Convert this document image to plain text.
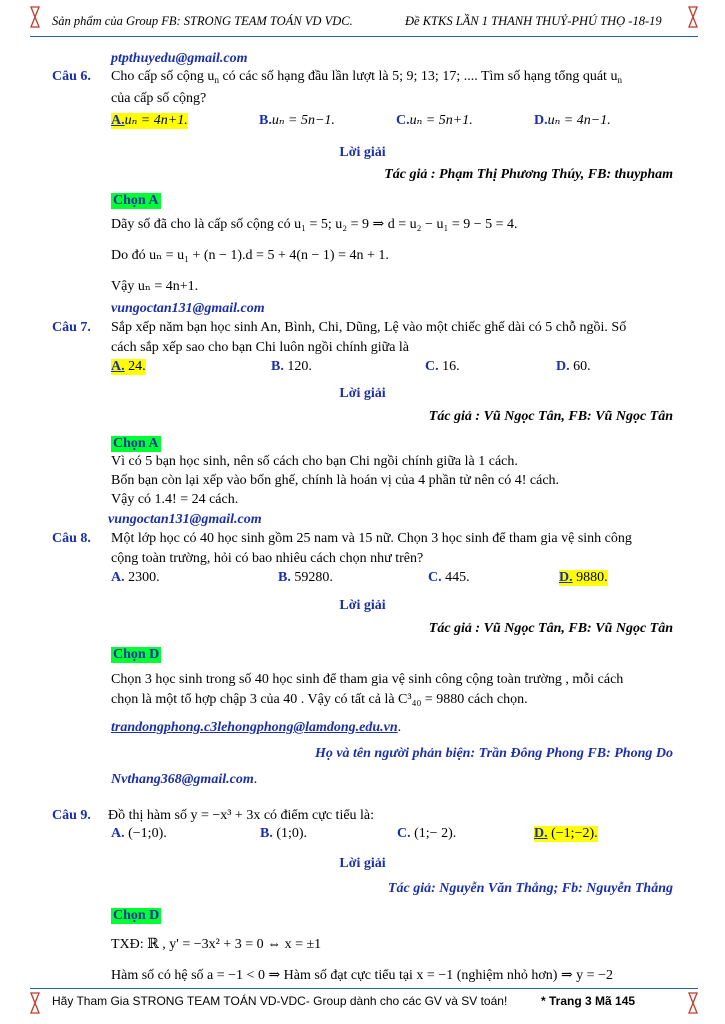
Sản phẩm của Group FB: STRONG TEAM TOÁN VD VDC.	Đề KTKS LẦN 1 THANH THUỶ-PHÚ THỌ -18-19
ptpthuyedu@gmail.com
Câu 6. Cho cấp số cộng $u_n$ có các số hạng đầu lần lượt là 5; 9; 13; 17; .... Tìm số hạng tổng quát $u_n$
của cấp số cộng?
A.uₙ = 4n+1.	B.uₙ = 5n−1.	C.uₙ = 5n+1.	D.uₙ = 4n−1.
Lời giải
Tác giả : Phạm Thị Phương Thúy, FB: thuypham
Chọn A
Dãy số đã cho là cấp số cộng có u₁ = 5; u₂ = 9 ⇒ d = u₂ − u₁ = 9 − 5 = 4.
Do đó uₙ = u₁ + (n − 1).d = 5 + 4(n − 1) = 4n + 1.
Vậy uₙ = 4n+1.
vungoctan131@gmail.com
Câu 7. Sắp xếp năm bạn học sinh An, Bình, Chi, Dũng, Lệ vào một chiếc ghế dài có 5 chỗ ngồi. Số
cách sắp xếp sao cho bạn Chi luôn ngồi chính giữa là
A. 24.	B. 120.	C. 16.	D. 60.
Lời giải
Tác giả : Vũ Ngọc Tân, FB: Vũ Ngọc Tân
Chọn A
Vì có 5 bạn học sinh, nên số cách cho bạn Chi ngồi chính giữa là 1 cách.
Bốn bạn còn lại xếp vào bốn ghế, chính là hoán vị của 4 phần tử nên có 4! cách.
Vậy có 1.4! = 24 cách.
vungoctan131@gmail.com
Câu 8. Một lớp học có 40 học sinh gồm 25 nam và 15 nữ. Chọn 3 học sinh để tham gia vệ sinh công
cộng toàn trường, hỏi có bao nhiêu cách chọn như trên?
A. 2300.	B. 59280.	C. 445.	D. 9880.
Lời giải
Tác giả : Vũ Ngọc Tân, FB: Vũ Ngọc Tân
Chọn D
Chọn 3 học sinh trong số 40 học sinh để tham gia vệ sinh công cộng toàn trường , mỗi cách
chọn là một tổ hợp chập 3 của 40 . Vậy có tất cả là C³₄₀ = 9880 cách chọn.
trandongphong.c3lehongphong@lamdong.edu.vn.
Họ và tên người phản biện: Trần Đông Phong FB: Phong Do
Nvthang368@gmail.com.
Câu 9. Đồ thị hàm số y = −x³ + 3x có điểm cực tiểu là:
A. (−1;0).	B. (1;0).	C. (1;− 2).	D. (−1;−2).
Lời giải
Tác giả: Nguyễn Văn Thắng; Fb: Nguyễn Thắng
Chọn D
TXĐ: ℝ , y' = −3x² + 3 = 0 ⇔ x = ±1
Hàm số có hệ số a = −1 < 0 ⇒ Hàm số đạt cực tiểu tại x = −1 (nghiệm nhỏ hơn) ⇒ y = −2
Hãy Tham Gia STRONG TEAM TOÁN VD-VDC- Group dành cho các GV và SV toán!	* Trang 3 Mã 145
